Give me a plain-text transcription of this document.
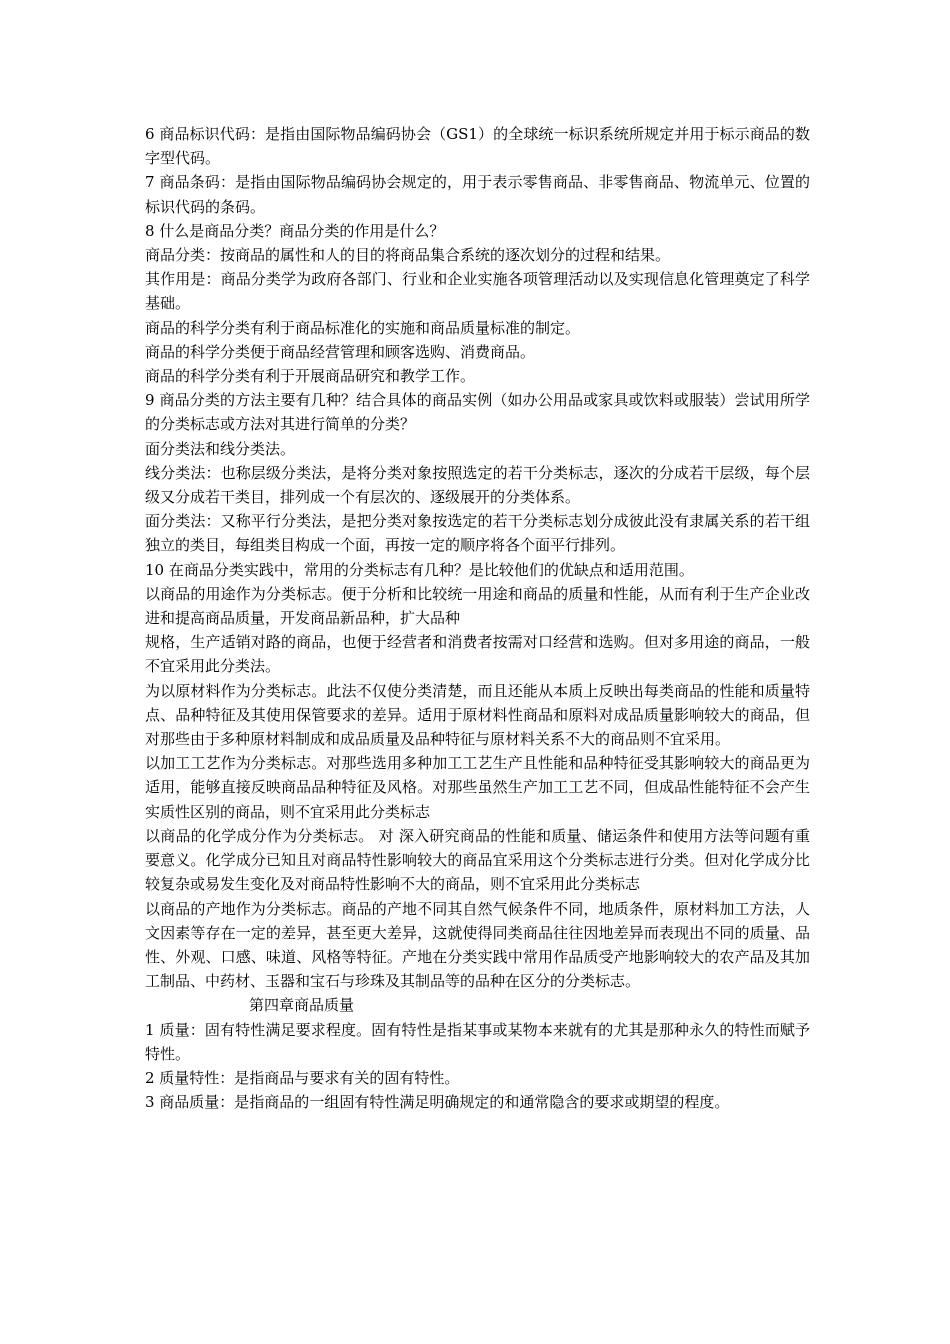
6 商品标识代码：是指由国际物品编码协会（GS1）的全球统一标识系统所规定并用于标示商品的数字型代码。

7 商品条码：是指由国际物品编码协会规定的，用于表示零售商品、非零售商品、物流单元、位置的标识代码的条码。

8 什么是商品分类？商品分类的作用是什么？

商品分类：按商品的属性和人的目的将商品集合系统的逐次划分的过程和结果。

其作用是：商品分类学为政府各部门、行业和企业实施各项管理活动以及实现信息化管理奠定了科学基础。

商品的科学分类有利于商品标准化的实施和商品质量标准的制定。

商品的科学分类便于商品经营管理和顾客选购、消费商品。

商品的科学分类有利于开展商品研究和教学工作。

9 商品分类的方法主要有几种？结合具体的商品实例（如办公用品或家具或饮料或服装）尝试用所学的分类标志或方法对其进行简单的分类？

面分类法和线分类法。

线分类法：也称层级分类法，是将分类对象按照选定的若干分类标志，逐次的分成若干层级，每个层级又分成若干类目，排列成一个有层次的、逐级展开的分类体系。

面分类法：又称平行分类法，是把分类对象按选定的若干分类标志划分成彼此没有隶属关系的若干组独立的类目，每组类目构成一个面，再按一定的顺序将各个面平行排列。

10 在商品分类实践中，常用的分类标志有几种？是比较他们的优缺点和适用范围。

以商品的用途作为分类标志。便于分析和比较统一用途和商品的质量和性能，从而有利于生产企业改进和提高商品质量，开发商品新品种，扩大品种

规格，生产适销对路的商品，也便于经营者和消费者按需对口经营和选购。但对多用途的商品，一般不宜采用此分类法。

为以原材料作为分类标志。此法不仅使分类清楚，而且还能从本质上反映出每类商品的性能和质量特点、品种特征及其使用保管要求的差异。适用于原材料性商品和原料对成品质量影响较大的商品，但对那些由于多种原材料制成和成品质量及品种特征与原材料关系不大的商品则不宜采用。

以加工工艺作为分类标志。对那些选用多种加工工艺生产且性能和品种特征受其影响较大的商品更为适用，能够直接反映商品品种特征及风格。对那些虽然生产加工工艺不同，但成品性能特征不会产生实质性区别的商品，则不宜采用此分类标志

以商品的化学成分作为分类标志。 对 深入研究商品的性能和质量、储运条件和使用方法等问题有重要意义。化学成分已知且对商品特性影响较大的商品宜采用这个分类标志进行分类。但对化学成分比较复杂或易发生变化及对商品特性影响不大的商品，则不宜采用此分类标志

以商品的产地作为分类标志。商品的产地不同其自然气候条件不同，地质条件，原材料加工方法，人文因素等存在一定的差异，甚至更大差异，这就使得同类商品往往因地差异而表现出不同的质量、品性、外观、口感、味道、风格等特征。产地在分类实践中常用作品质受产地影响较大的农产品及其加工制品、中药材、玉器和宝石与珍珠及其制品等的品种在区分的分类标志。

第四章商品质量

1 质量：固有特性满足要求程度。固有特性是指某事或某物本来就有的尤其是那种永久的特性而赋予特性。

2 质量特性：是指商品与要求有关的固有特性。

3 商品质量：是指商品的一组固有特性满足明确规定的和通常隐含的要求或期望的程度。
